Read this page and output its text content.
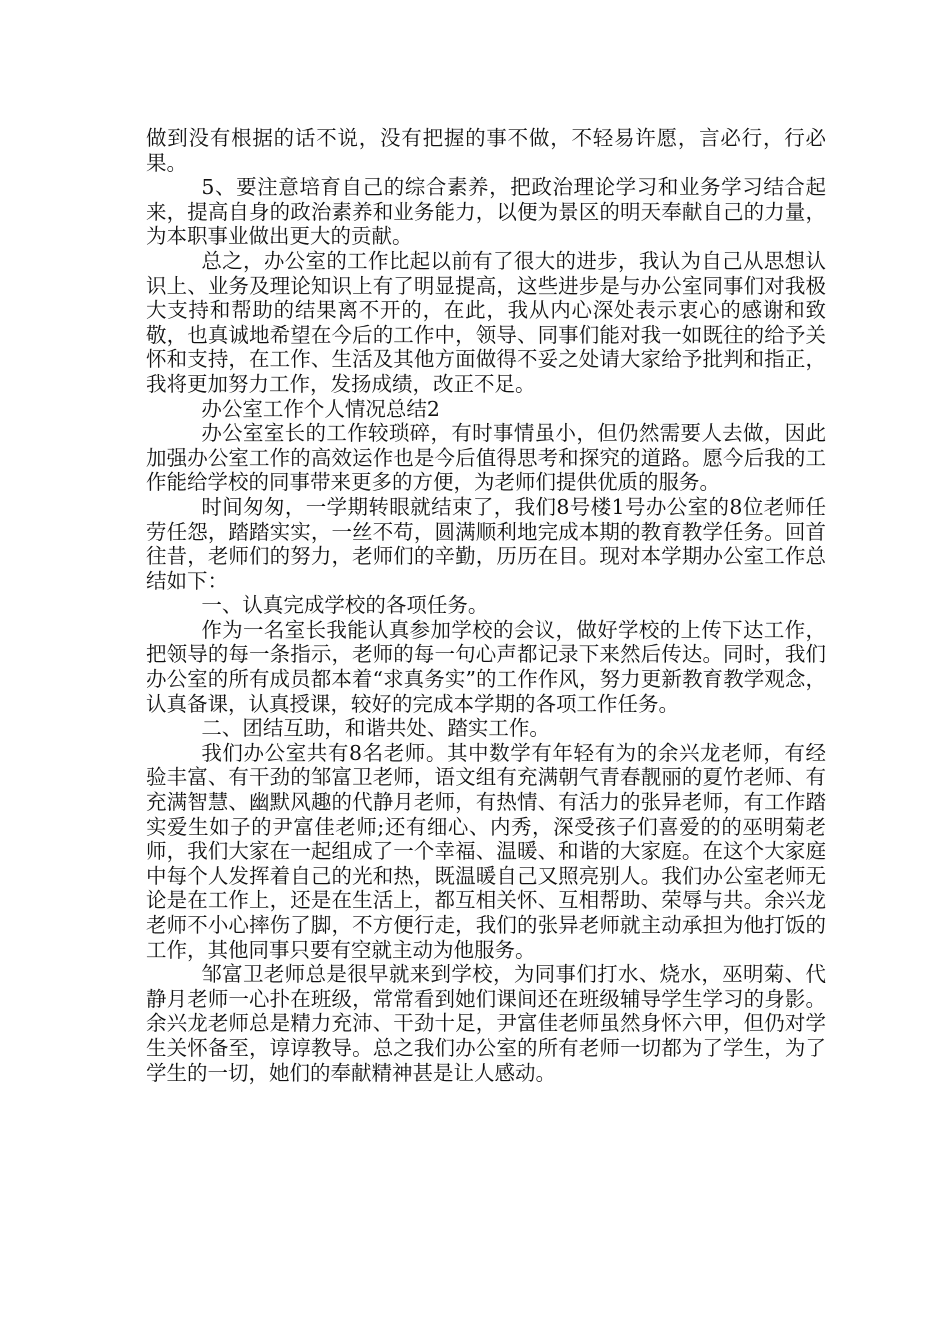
做到没有根据的话不说，没有把握的事不做，不轻易许愿，言必行，行必果。

5、要注意培育自己的综合素养，把政治理论学习和业务学习结合起来，提高自身的政治素养和业务能力，以便为景区的明天奉献自己的力量，为本职事业做出更大的贡献。

总之，办公室的工作比起以前有了很大的进步，我认为自己从思想认识上、业务及理论知识上有了明显提高，这些进步是与办公室同事们对我极大支持和帮助的结果离不开的，在此，我从内心深处表示衷心的感谢和致敬，也真诚地希望在今后的工作中，领导、同事们能对我一如既往的给予关怀和支持，在工作、生活及其他方面做得不妥之处请大家给予批判和指正，我将更加努力工作，发扬成绩，改正不足。

办公室工作个人情况总结2

办公室室长的工作较琐碎，有时事情虽小，但仍然需要人去做，因此加强办公室工作的高效运作也是今后值得思考和探究的道路。愿今后我的工作能给学校的同事带来更多的方便，为老师们提供优质的服务。

时间匆匆，一学期转眼就结束了，我们8号楼1号办公室的8位老师任劳任怨，踏踏实实，一丝不苟，圆满顺利地完成本期的教育教学任务。回首往昔，老师们的努力，老师们的辛勤，历历在目。现对本学期办公室工作总结如下：

一、认真完成学校的各项任务。

作为一名室长我能认真参加学校的会议，做好学校的上传下达工作，把领导的每一条指示，老师的每一句心声都记录下来然后传达。同时，我们办公室的所有成员都本着“求真务实”的工作作风，努力更新教育教学观念，认真备课，认真授课，较好的完成本学期的各项工作任务。

二、团结互助，和谐共处、踏实工作。

我们办公室共有8名老师。其中数学有年轻有为的余兴龙老师，有经验丰富、有干劲的邹富卫老师，语文组有充满朝气青春靓丽的夏竹老师、有充满智慧、幽默风趣的代静月老师，有热情、有活力的张异老师，有工作踏实爱生如子的尹富佳老师;还有细心、内秀，深受孩子们喜爱的的巫明菊老师，我们大家在一起组成了一个幸福、温暖、和谐的大家庭。在这个大家庭中每个人发挥着自己的光和热，既温暖自己又照亮别人。我们办公室老师无论是在工作上，还是在生活上，都互相关怀、互相帮助、荣辱与共。余兴龙老师不小心摔伤了脚，不方便行走，我们的张异老师就主动承担为他打饭的工作，其他同事只要有空就主动为他服务。

邹富卫老师总是很早就来到学校，为同事们打水、烧水，巫明菊、代静月老师一心扑在班级，常常看到她们课间还在班级辅导学生学习的身影。余兴龙老师总是精力充沛、干劲十足，尹富佳老师虽然身怀六甲，但仍对学生关怀备至，谆谆教导。总之我们办公室的所有老师一切都为了学生，为了学生的一切，她们的奉献精神甚是让人感动。
